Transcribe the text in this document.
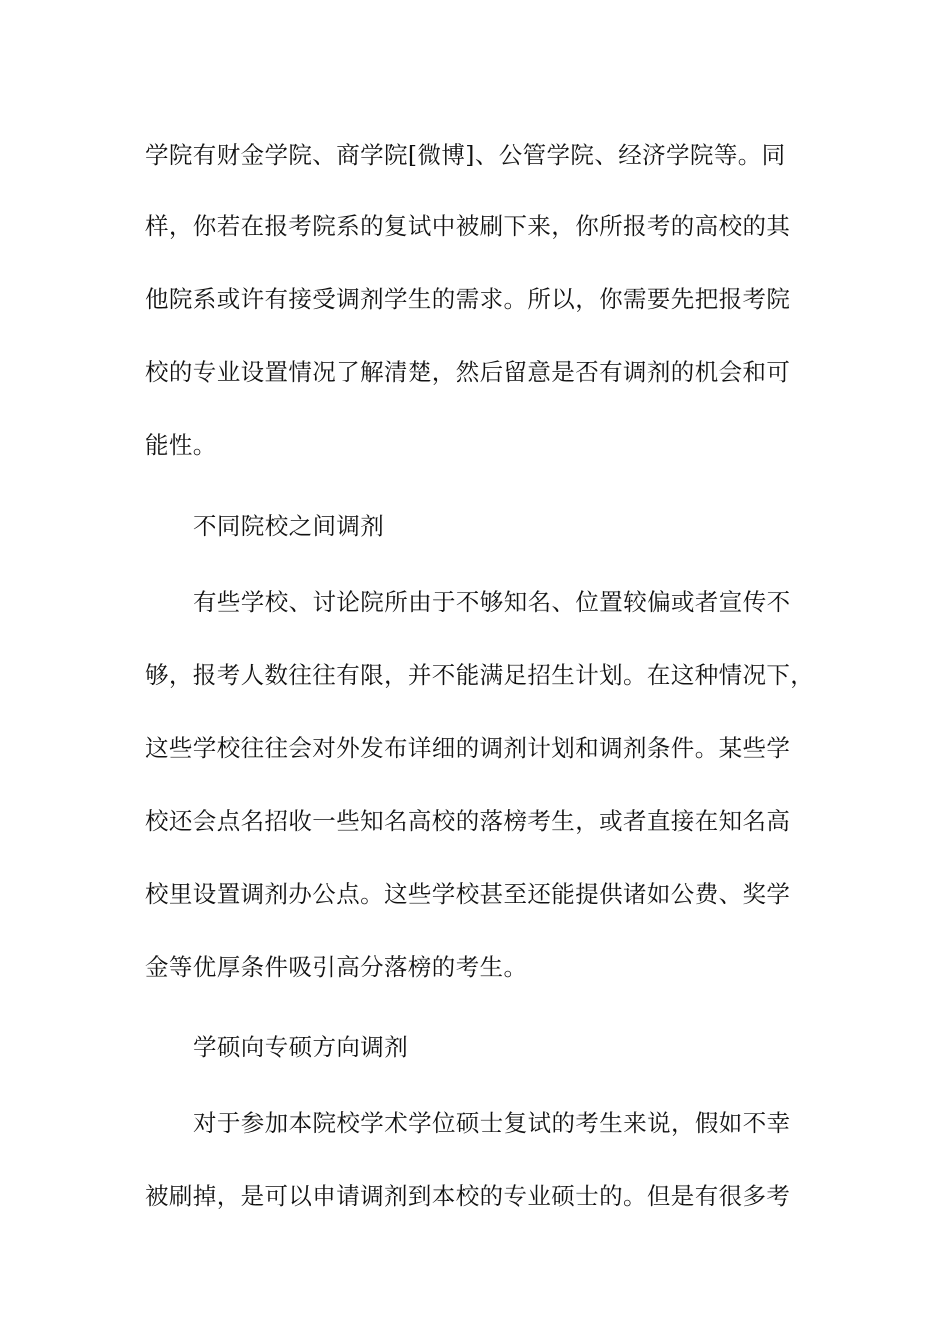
学院有财金学院、商学院[微博]、公管学院、经济学院等。同
样，你若在报考院系的复试中被刷下来，你所报考的高校的其
他院系或许有接受调剂学生的需求。所以，你需要先把报考院
校的专业设置情况了解清楚，然后留意是否有调剂的机会和可
能性。
不同院校之间调剂
有些学校、讨论院所由于不够知名、位置较偏或者宣传不
够，报考人数往往有限，并不能满足招生计划。在这种情况下，
这些学校往往会对外发布详细的调剂计划和调剂条件。某些学
校还会点名招收一些知名高校的落榜考生，或者直接在知名高
校里设置调剂办公点。这些学校甚至还能提供诸如公费、奖学
金等优厚条件吸引高分落榜的考生。
学硕向专硕方向调剂
对于参加本院校学术学位硕士复试的考生来说，假如不幸
被刷掉，是可以申请调剂到本校的专业硕士的。但是有很多考
